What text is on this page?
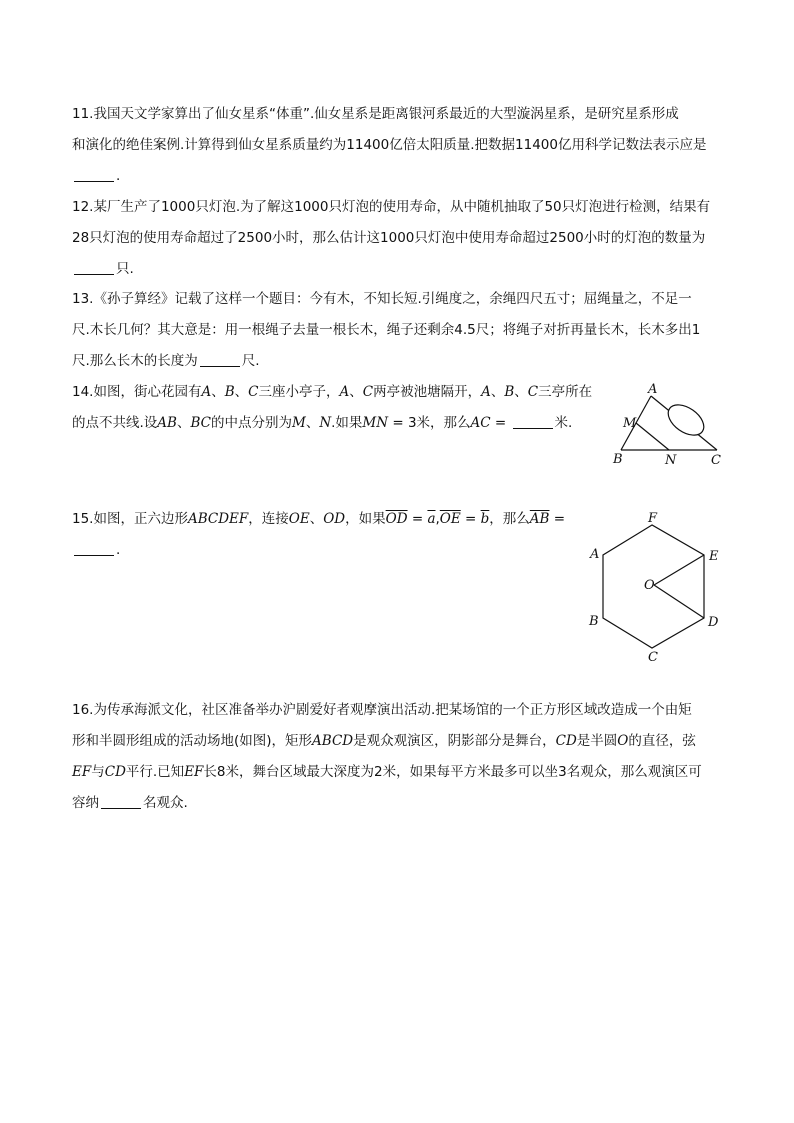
11.我国天文学家算出了仙女星系“体重”.仙女星系是距离银河系最近的大型漩涡星系，是研究星系形成

和演化的绝佳案例.计算得到仙女星系质量约为11400亿倍太阳质量.把数据11400亿用科学记数法表示应是

.

12.某厂生产了1000只灯泡.为了解这1000只灯泡的使用寿命，从中随机抽取了50只灯泡进行检测，结果有

28只灯泡的使用寿命超过了2500小时，那么估计这1000只灯泡中使用寿命超过2500小时的灯泡的数量为

只.

13.《孙子算经》记载了这样一个题目：今有木，不知长短.引绳度之，余绳四尺五寸；屈绳量之，不足一

尺.木长几何？其大意是：用一根绳子去量一根长木，绳子还剩余4.5尺；将绳子对折再量长木，长木多出1

尺.那么长木的长度为	尺.

14.如图，街心花园有A、B、C三座小亭子，A、C两亭被池塘隔开，A、B、C三亭所在

的点不共线.设AB、BC的中点分别为M、N.如果MN = 3米，那么AC =	米.

A
M
B	N	C

15.如图，正六边形ABCDEF，连接OE、OD，如果$\overline{OD} = \overline{a},\overline{OE} = \overline{b}$，那么$\overline{AB}$ =

.

F
A	E
O
B	D
C

16.为传承海派文化，社区准备举办沪剧爱好者观摩演出活动.把某场馆的一个正方形区域改造成一个由矩

形和半圆形组成的活动场地(如图)，矩形ABCD是观众观演区，阴影部分是舞台，CD是半圆O的直径，弦

EF与CD平行.已知EF长8米，舞台区域最大深度为2米，如果每平方米最多可以坐3名观众，那么观演区可

容纳	名观众.
